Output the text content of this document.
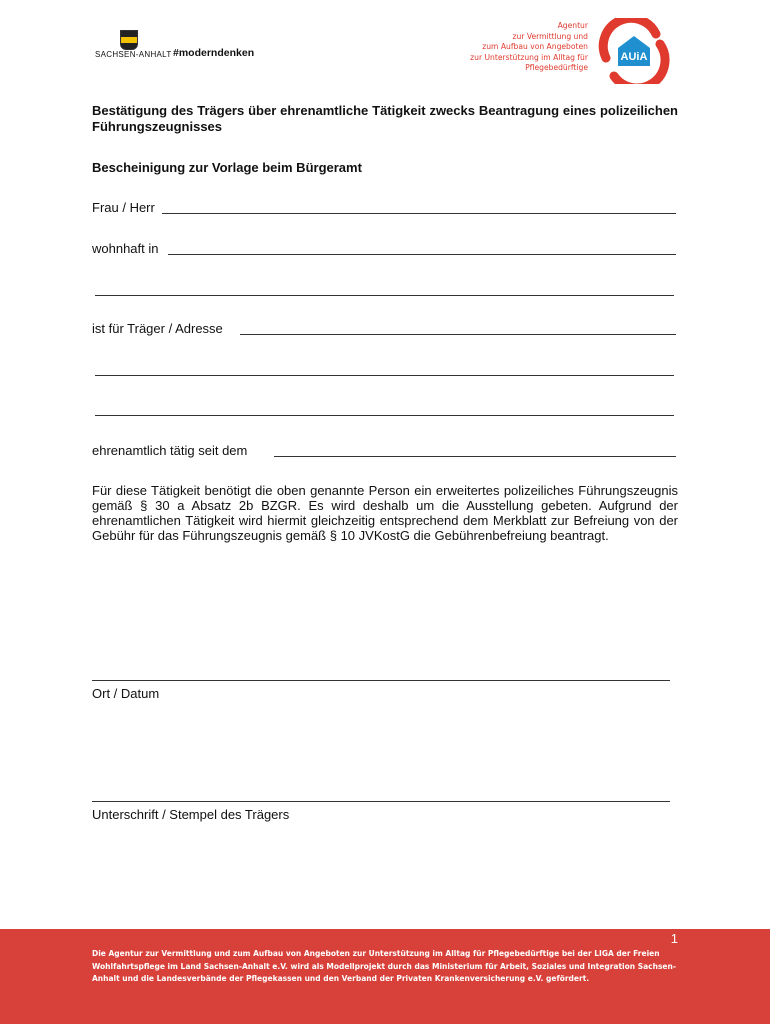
SACHSEN-ANHALT #moderndenken
Agentur
zur Vermittlung und
zum Aufbau von Angeboten
zur Unterstützung im Alltag für
Pflegebedürftige
AUiA
Bestätigung des Trägers über ehrenamtliche Tätigkeit zwecks Beantragung eines polizeilichen Führungszeugnisses
Bescheinigung zur Vorlage beim Bürgeramt
Frau / Herr
wohnhaft in
ist für Träger / Adresse
ehrenamtlich tätig seit dem
Für diese Tätigkeit benötigt die oben genannte Person ein erweitertes polizeiliches Führungszeugnis gemäß § 30 a Absatz 2b BZGR. Es wird deshalb um die Ausstellung gebeten. Aufgrund der ehrenamtlichen Tätigkeit wird hiermit gleichzeitig entsprechend dem Merkblatt zur Befreiung von der Gebühr für das Führungszeugnis gemäß § 10 JVKostG die Gebührenbefreiung beantragt.
Ort / Datum
Unterschrift / Stempel des Trägers
1
Die Agentur zur Vermittlung und zum Aufbau von Angeboten zur Unterstützung im Alltag für Pflegebedürftige bei der LIGA der Freien Wohlfahrtspflege im Land Sachsen-Anhalt e.V. wird als Modellprojekt durch das Ministerium für Arbeit, Soziales und Integration Sachsen-Anhalt und die Landesverbände der Pflegekassen und den Verband der Privaten Krankenversicherung e.V. gefördert.
